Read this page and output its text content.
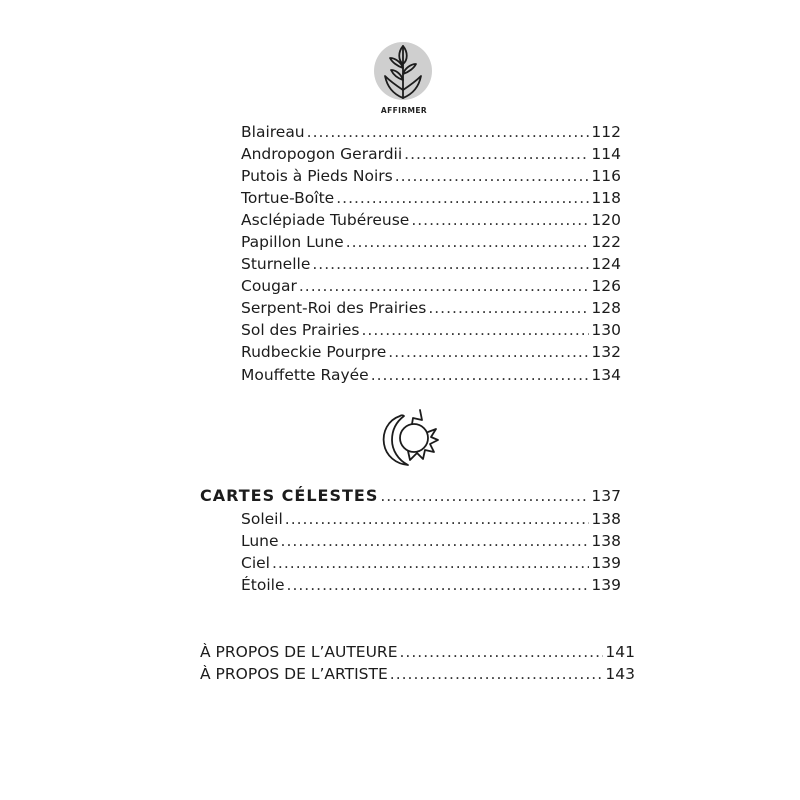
AFFIRMER
Blaireau .....	112
Andropogon Gerardii .....	114
Putois à Pieds Noirs .....	116
Tortue-Boîte .....	118
Asclépiade Tubéreuse .....	120
Papillon Lune .....	122
Sturnelle .....	124
Cougar .....	126
Serpent-Roi des Prairies .....	128
Sol des Prairies .....	130
Rudbeckie Pourpre .....	132
Mouffette Rayée .....	134
CARTES CÉLESTES .....	137
Soleil .....	138
Lune .....	138
Ciel .....	139
Étoile .....	139
À PROPOS DE L’AUTEURE .....	141
À PROPOS DE L’ARTISTE .....	143
